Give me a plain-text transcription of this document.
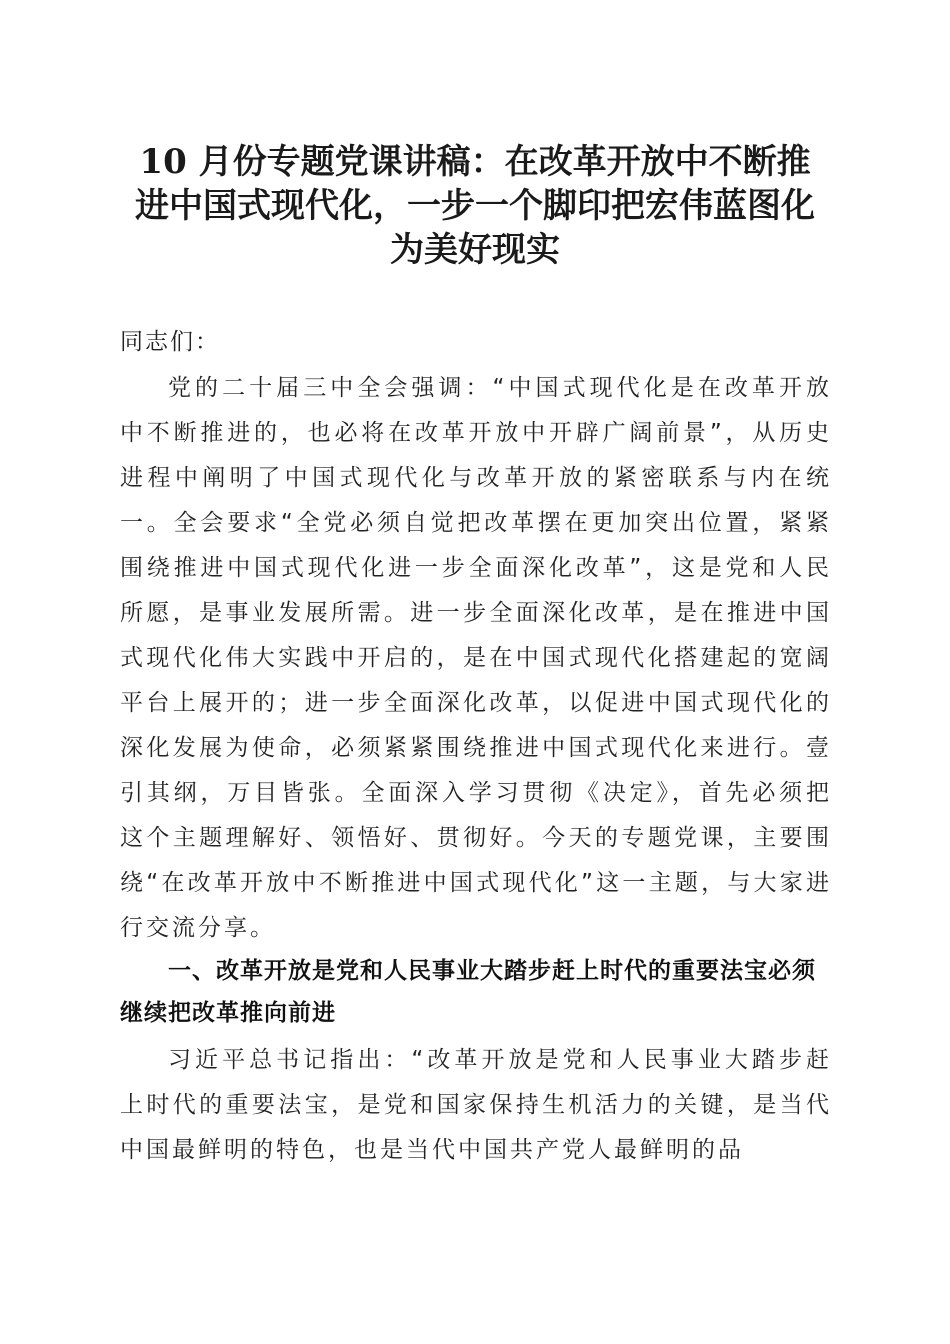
10 月份专题党课讲稿：在改革开放中不断推
进中国式现代化，一步一个脚印把宏伟蓝图化
为美好现实
同志们：
党的二十届三中全会强调：“中国式现代化是在改革开放中不断推进的，也必将在改革开放中开辟广阔前景”，从历史进程中阐明了中国式现代化与改革开放的紧密联系与内在统一。全会要求“全党必须自觉把改革摆在更加突出位置，紧紧围绕推进中国式现代化进一步全面深化改革”，这是党和人民所愿，是事业发展所需。进一步全面深化改革，是在推进中国式现代化伟大实践中开启的，是在中国式现代化搭建起的宽阔平台上展开的；进一步全面深化改革，以促进中国式现代化的深化发展为使命，必须紧紧围绕推进中国式现代化来进行。壹引其纲，万目皆张。全面深入学习贯彻《决定》，首先必须把这个主题理解好、领悟好、贯彻好。今天的专题党课，主要围绕“在改革开放中不断推进中国式现代化”这一主题，与大家进行交流分享。
一、改革开放是党和人民事业大踏步赶上时代的重要法宝必须继续把改革推向前进
习近平总书记指出：“改革开放是党和人民事业大踏步赶上时代的重要法宝，是党和国家保持生机活力的关键，是当代中国最鲜明的特色，也是当代中国共产党人最鲜明的品
